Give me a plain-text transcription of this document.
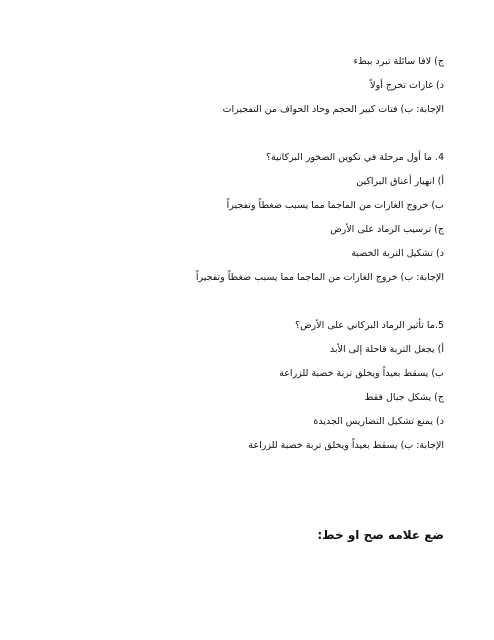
ج) لافا سائلة تبرد ببطء
د) غازات تخرج أولاً
الإجابة: ب) فتات كبير الحجم وحاد الحواف من التفجيرات
4. ما أول مرحلة في تكوين الصخور البركانية؟
أ) انهيار أعناق البراكين
ب) خروج الغازات من الماجما مما يسبب ضغطاً وتفجيراً
ج) ترسيب الرماد على الأرض
د) تشكيل التربة الخصبة
الإجابة: ب) خروج الغازات من الماجما مما يسبب ضغطاً وتفجيراً
5.ما تأثير الرماد البركاني على الأرض؟
أ) يجعل التربة قاحلة إلى الأبد
ب) يسقط بعيداً ويخلق تربة خصبة للزراعة
ج) يشكل جبال فقط
د) يمنع تشكيل التضاريس الجديدة
الإجابة: ب) يسقط بعيداً ويخلق تربة خصبة للزراعة
ضع علامه صح او خط:
